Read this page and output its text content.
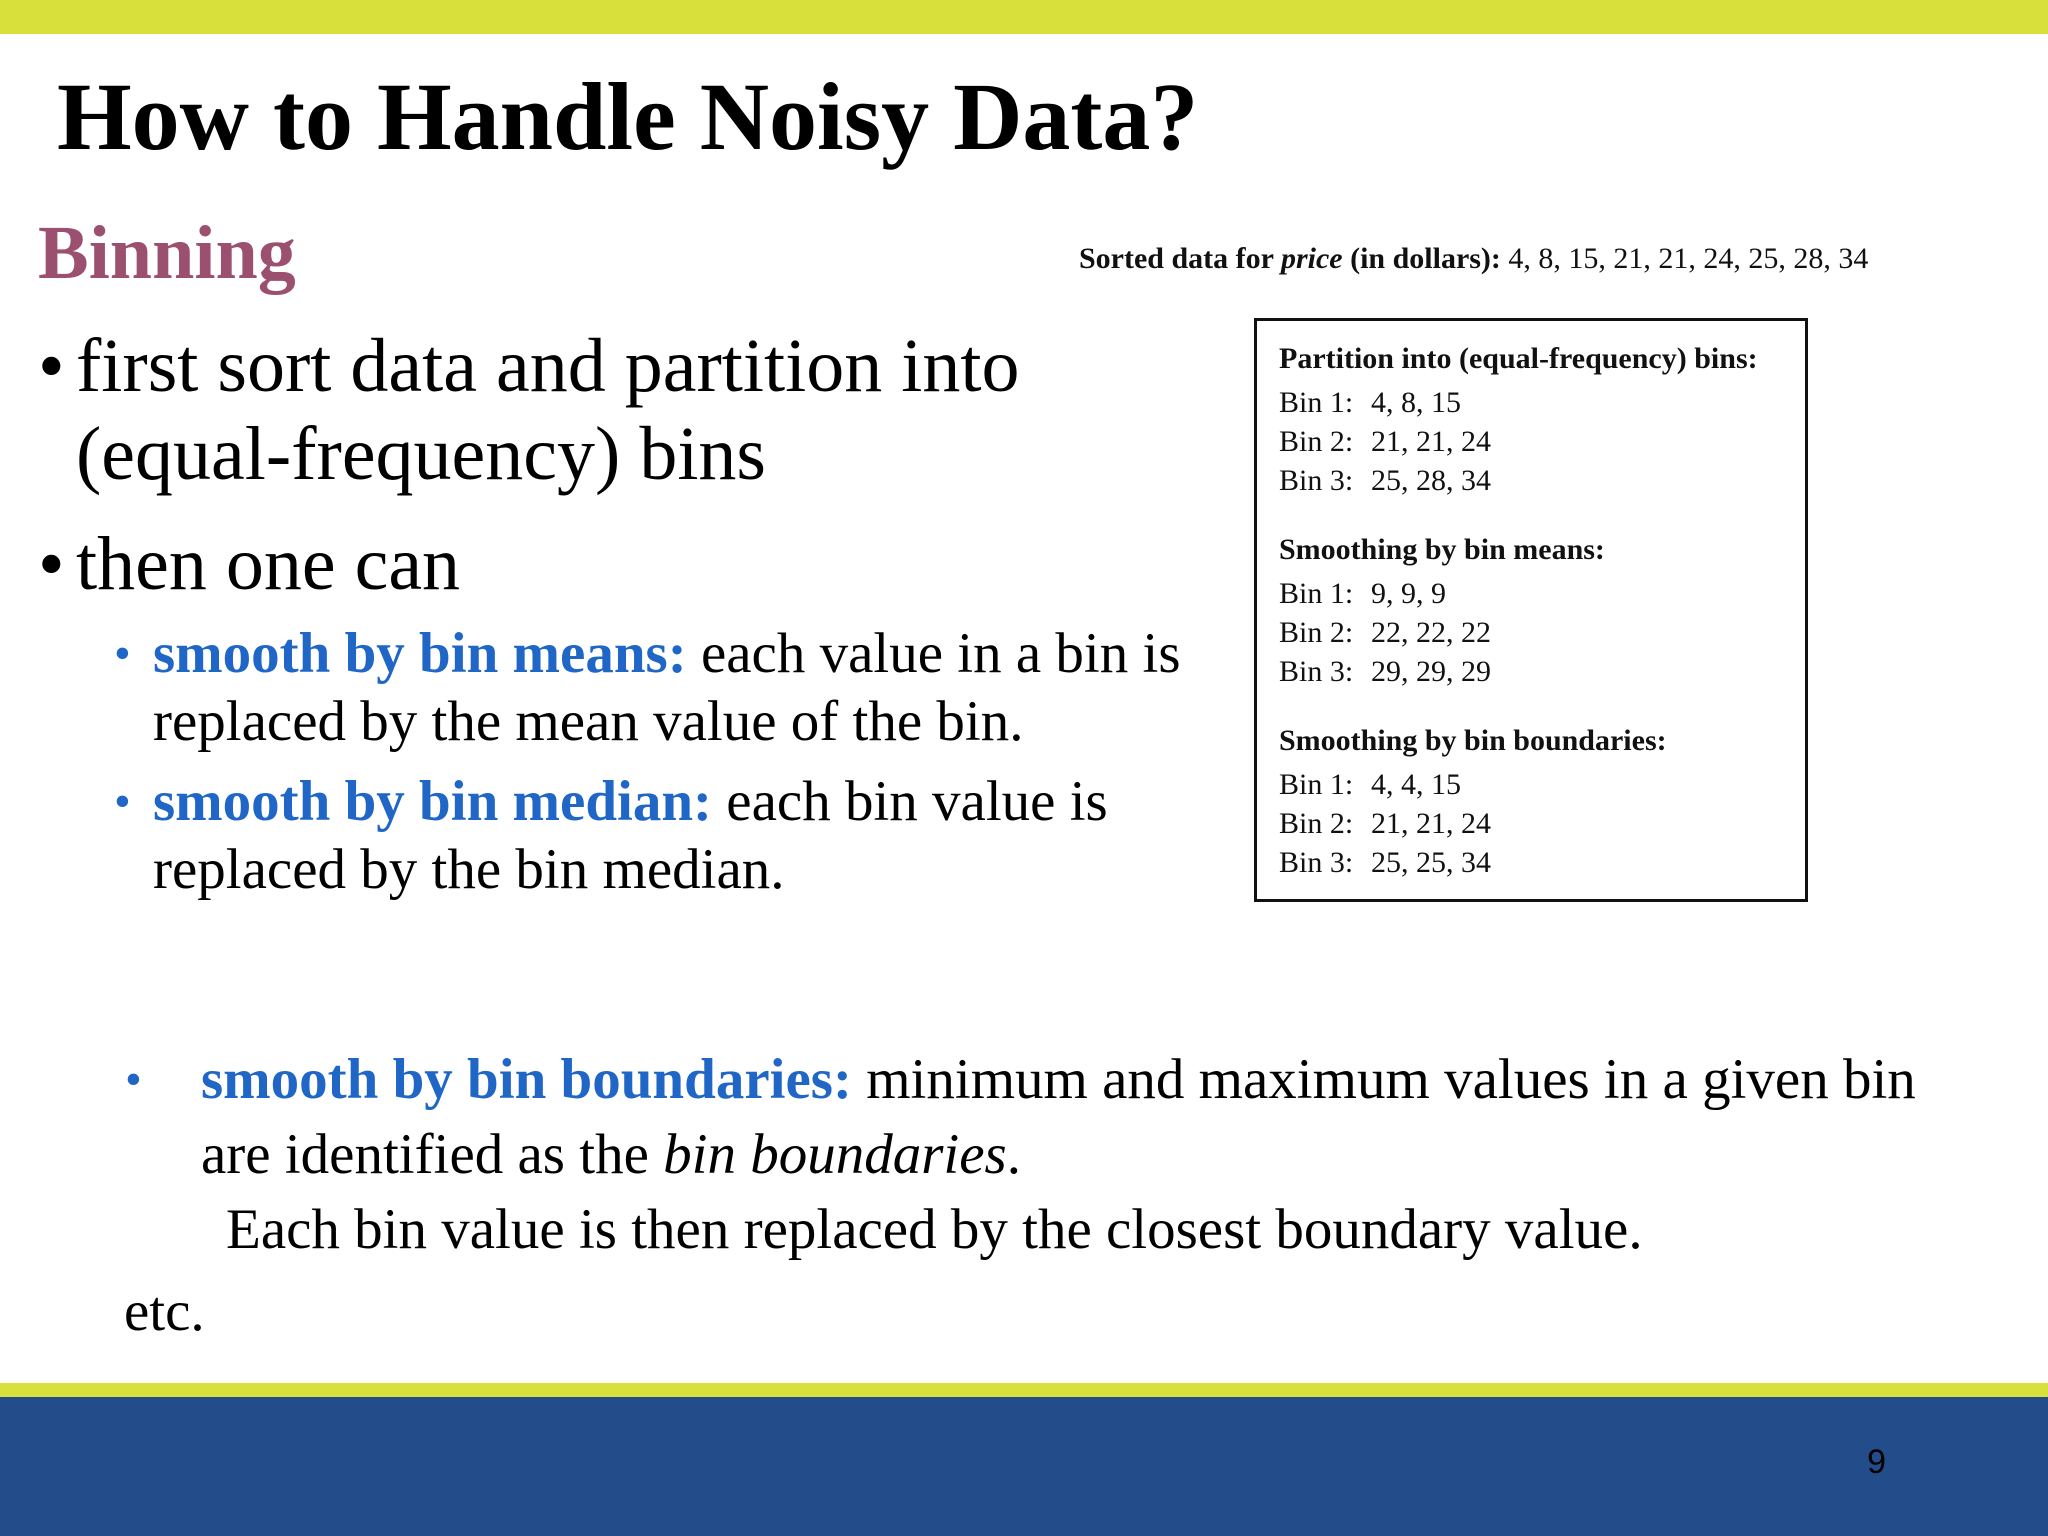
How to Handle Noisy Data?
Binning
• first sort data and partition into (equal-frequency) bins
• then one can
• smooth by bin means: each value in a bin is replaced by the mean value of the bin.
• smooth by bin median: each bin value is replaced by the bin median.
•	smooth by bin boundaries: minimum and maximum values in a given bin are identified as the bin boundaries.
Each bin value is then replaced by the closest boundary value.
etc.
Sorted data for price (in dollars): 4, 8, 15, 21, 21, 24, 25, 28, 34
Partition into (equal-frequency) bins:
Bin 1: 4, 8, 15
Bin 2: 21, 21, 24
Bin 3: 25, 28, 34
Smoothing by bin means:
Bin 1: 9, 9, 9
Bin 2: 22, 22, 22
Bin 3: 29, 29, 29
Smoothing by bin boundaries:
Bin 1: 4, 4, 15
Bin 2: 21, 21, 24
Bin 3: 25, 25, 34
9
